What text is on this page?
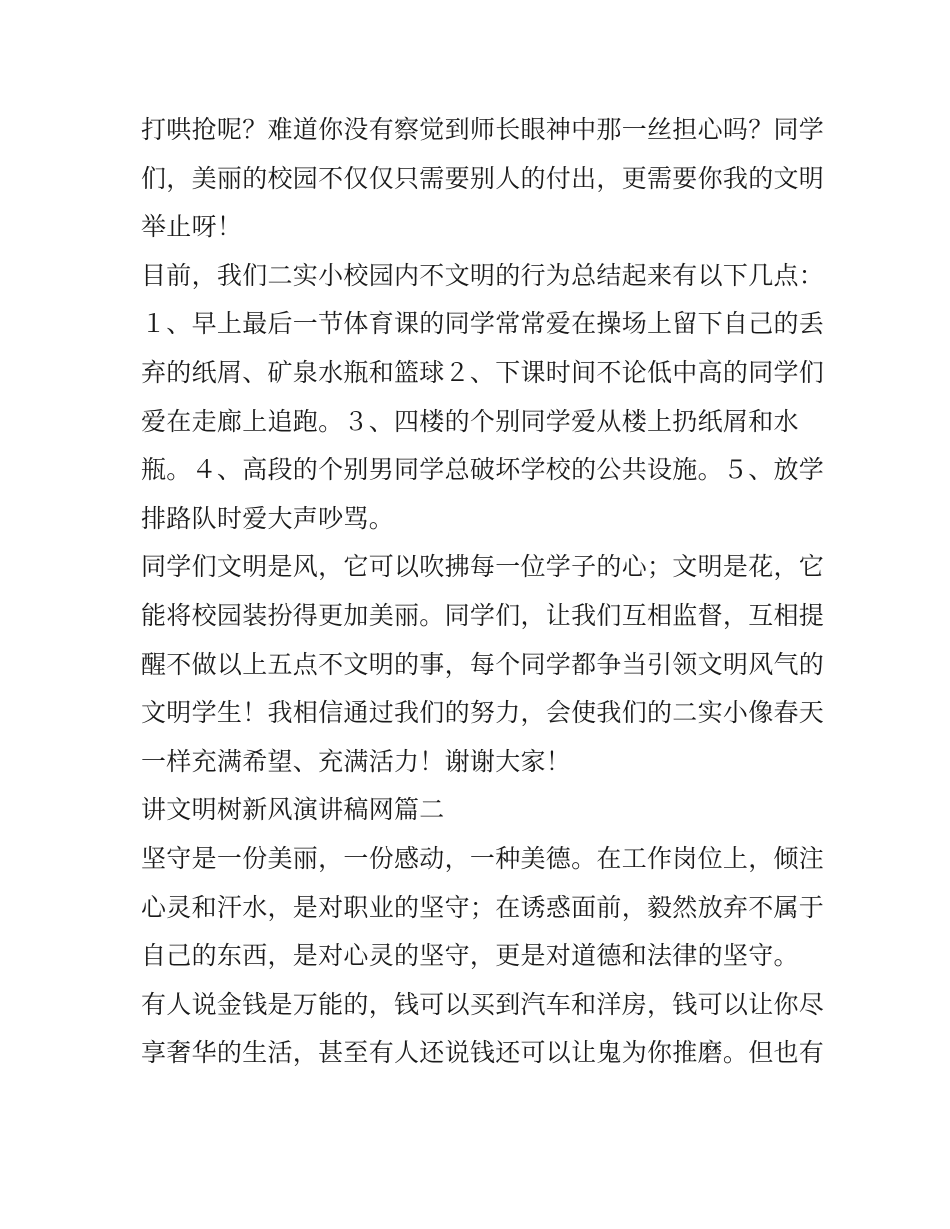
打哄抢呢？难道你没有察觉到师长眼神中那一丝担心吗？同学
们，美丽的校园不仅仅只需要别人的付出，更需要你我的文明
举止呀！
目前，我们二实小校园内不文明的行为总结起来有以下几点：
１、早上最后一节体育课的同学常常爱在操场上留下自己的丢
弃的纸屑、矿泉水瓶和篮球２、下课时间不论低中高的同学们
爱在走廊上追跑。３、四楼的个别同学爱从楼上扔纸屑和水
瓶。４、高段的个别男同学总破坏学校的公共设施。５、放学
排路队时爱大声吵骂。
同学们文明是风，它可以吹拂每一位学子的心；文明是花，它
能将校园装扮得更加美丽。同学们，让我们互相监督，互相提
醒不做以上五点不文明的事，每个同学都争当引领文明风气的
文明学生！我相信通过我们的努力，会使我们的二实小像春天
一样充满希望、充满活力！谢谢大家！
讲文明树新风演讲稿网篇二
坚守是一份美丽，一份感动，一种美德。在工作岗位上，倾注
心灵和汗水，是对职业的坚守；在诱惑面前，毅然放弃不属于
自己的东西，是对心灵的坚守，更是对道德和法律的坚守。
有人说金钱是万能的，钱可以买到汽车和洋房，钱可以让你尽
享奢华的生活，甚至有人还说钱还可以让鬼为你推磨。但也有
